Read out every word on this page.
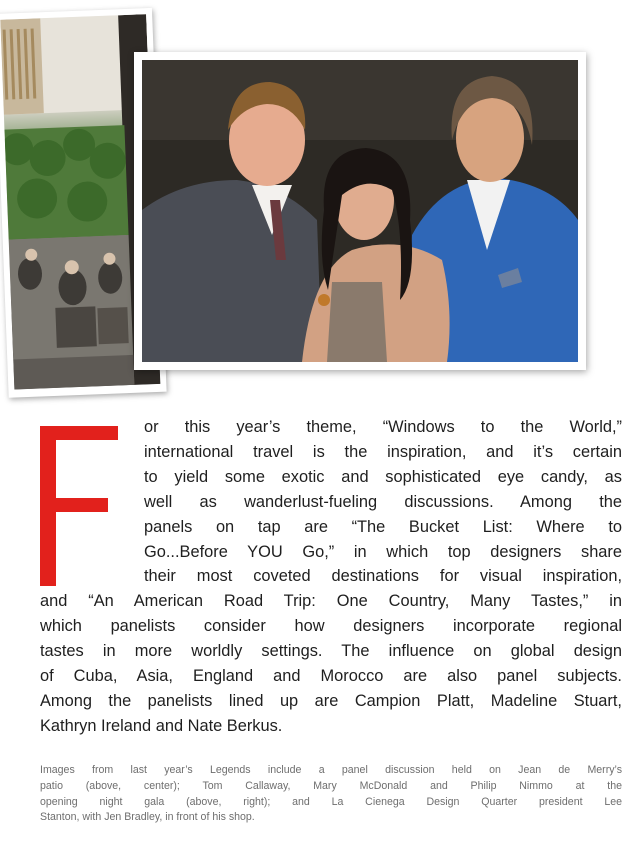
or this year’s theme, “Windows to the World,”
international travel is the inspiration, and it’s certain
to yield some exotic and sophisticated eye candy, as
well as wanderlust-fueling discussions. Among the
panels on tap are “The Bucket List: Where to
Go...Before YOU Go,” in which top designers share
their most coveted destinations for visual inspiration,
and “An American Road Trip: One Country, Many Tastes,” in
which panelists consider how designers incorporate regional
tastes in more worldly settings. The influence on global design
of Cuba, Asia, England and Morocco are also panel subjects.
Among the panelists lined up are Campion Platt, Madeline Stuart,
Kathryn Ireland and Nate Berkus.
Images from last year’s Legends include a panel discussion held on Jean de Merry’s
patio (above, center); Tom Callaway, Mary McDonald and Philip Nimmo at the
opening night gala (above, right); and La Cienega Design Quarter president Lee
Stanton, with Jen Bradley, in front of his shop.
